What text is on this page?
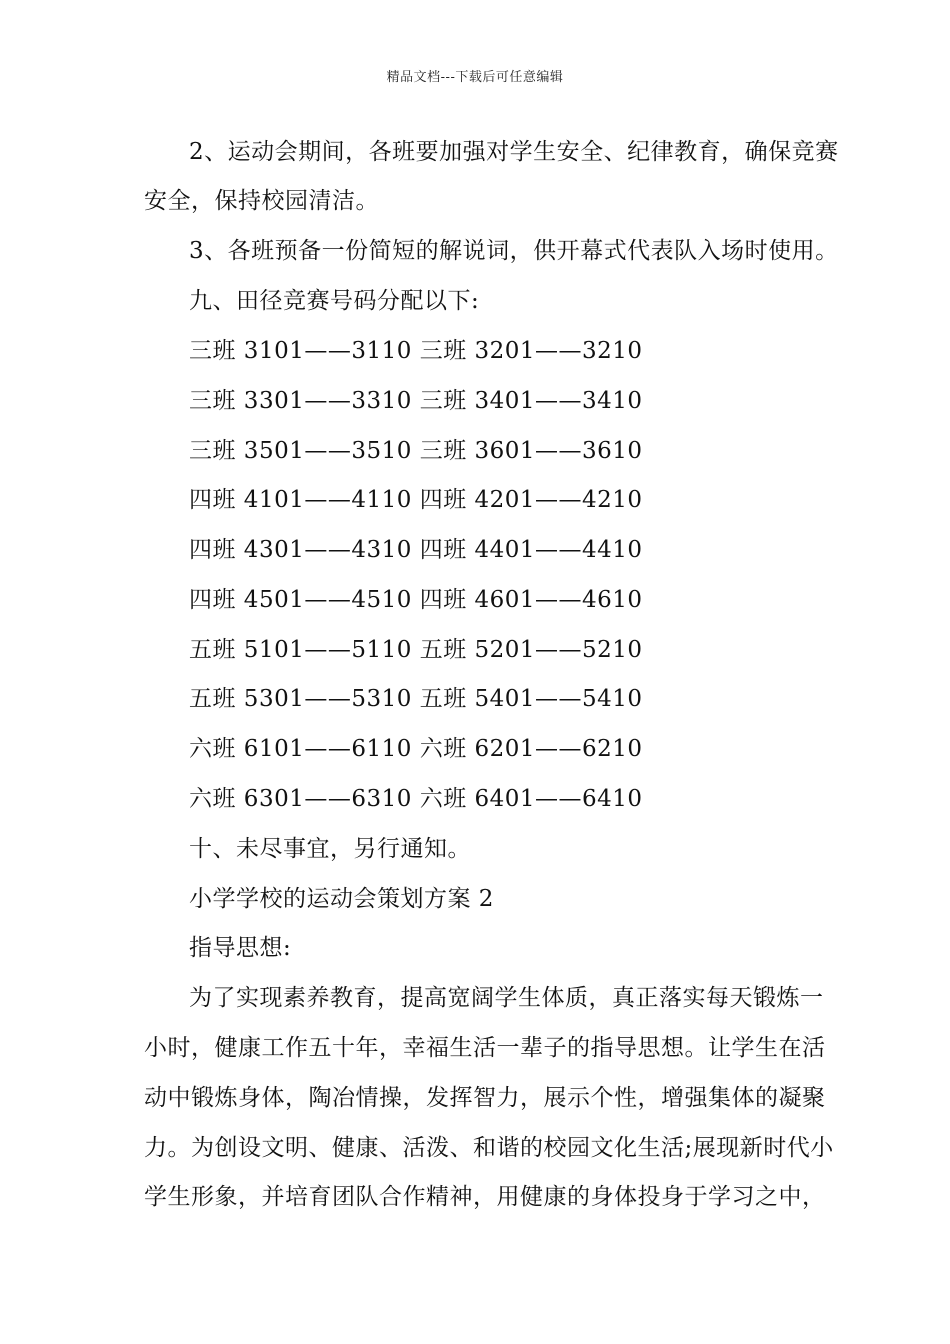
精品文档---下载后可任意编辑
2、运动会期间，各班要加强对学生安全、纪律教育，确保竞赛
安全，保持校园清洁。
3、各班预备一份简短的解说词，供开幕式代表队入场时使用。
九、田径竞赛号码分配以下:
三班 3101——3110 三班 3201——3210
三班 3301——3310 三班 3401——3410
三班 3501——3510 三班 3601——3610
四班 4101——4110 四班 4201——4210
四班 4301——4310 四班 4401——4410
四班 4501——4510 四班 4601——4610
五班 5101——5110 五班 5201——5210
五班 5301——5310 五班 5401——5410
六班 6101——6110 六班 6201——6210
六班 6301——6310 六班 6401——6410
十、未尽事宜，另行通知。
小学学校的运动会策划方案 2
指导思想:
为了实现素养教育，提高宽阔学生体质，真正落实每天锻炼一
小时，健康工作五十年，幸福生活一辈子的指导思想。让学生在活
动中锻炼身体，陶冶情操，发挥智力，展示个性，增强集体的凝聚
力。为创设文明、健康、活泼、和谐的校园文化生活;展现新时代小
学生形象，并培育团队合作精神，用健康的身体投身于学习之中，
